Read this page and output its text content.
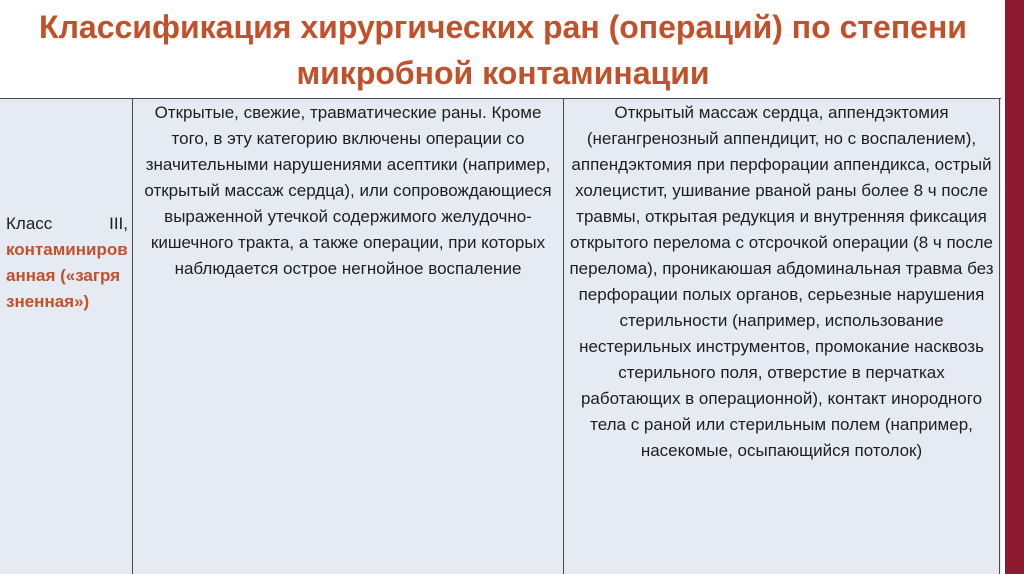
Классификация хирургических ран (операций) по степени микробной контаминации
Класс	III,
контаминированная («загрязненная»)
Открытые, свежие, травматические раны. Кроме того, в эту категорию включены операции со значительными нарушениями асептики (например, открытый массаж сердца), или сопровождающиеся выраженной утечкой содержимого желудочно-кишечного тракта, а также операции, при которых наблюдается острое негнойное воспаление
Открытый массаж сердца, аппендэктомия (негангренозный аппендицит, но с воспалением), аппендэктомия при перфорации аппендикса, острый холецистит, ушивание рваной раны более 8 ч после травмы, открытая редукция и внутренняя фиксация открытого перелома с отсрочкой операции (8 ч после перелома), проникаюшая абдоминальная травма без перфорации полых органов, серьезные нарушения стерильности (например, использование нестерильных инструментов, промокание насквозь стерильного поля, отверстие в перчатках работающих в операционной), контакт инородного тела с раной или стерильным полем (например, насекомые, осыпающийся потолок)
